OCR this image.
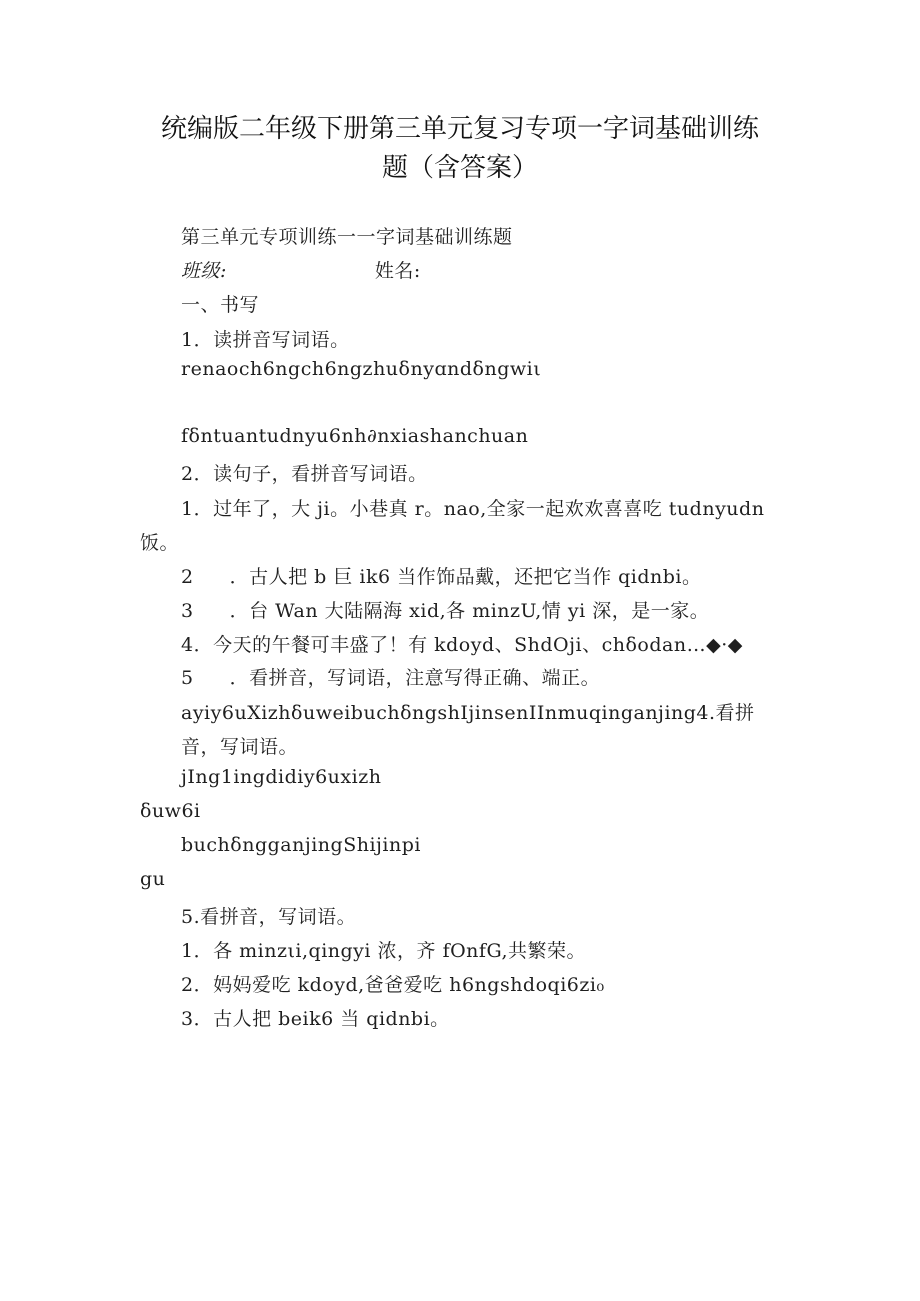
统编版二年级下册第三单元复习专项一字词基础训练
题（含答案）
第三单元专项训练一一字词基础训练题
班级:	姓名:
一、书写
1．读拼音写词语。
renaoch6ngch6ngzhuδnyɑndδngwiι
fδntuantudnyu6nh∂nxiashanchuan
2．读句子，看拼音写词语。
1．过年了，大 ji。小巷真 r。nao,全家一起欢欢喜喜吃 tudnyudn
饭。
2 ．古人把 b 巨 ik6 当作饰品戴，还把它当作 qidnbi。
3 ．台 Wan 大陆隔海 xid,各 minzU,情 yi 深，是一家。
4．今天的午餐可丰盛了！有 kdoyd、ShdOji、chδodan…◆·◆
5 ．看拼音，写词语，注意写得正确、端正。
ayiy6uXizhδuweibuchδngshIjinsenIInmuqinganjing4.看拼
音，写词语。
jIng1ingdidiy6uxizh
δuw6i
buchδngganjingShijinpi
gu
5.看拼音，写词语。
1．各 minzιi,qingyi 浓，齐 fOnfG,共繁荣。
2．妈妈爱吃 kdoyd,爸爸爱吃 h6ngshdoqi6zi₀
3．古人把 beik6 当 qidnbi。
